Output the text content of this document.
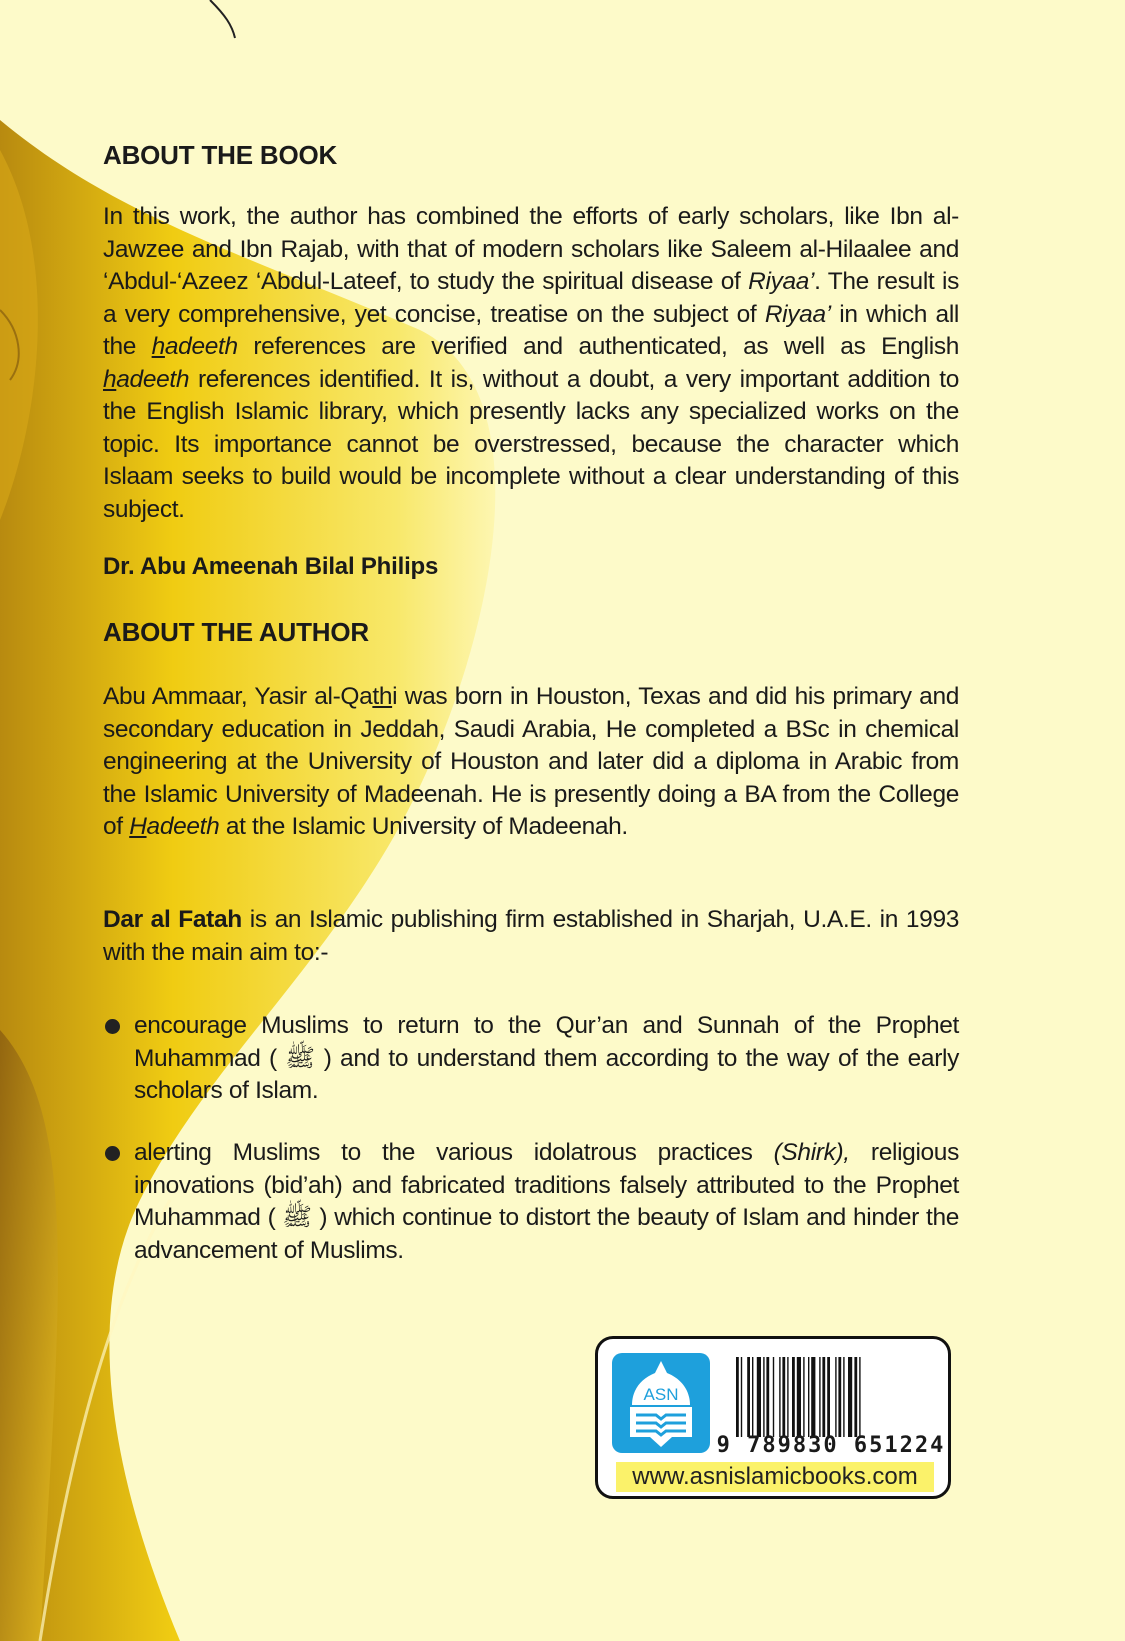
ABOUT THE BOOK

In this work, the author has combined the efforts of early scholars, like Ibn al-Jawzee and Ibn Rajab, with that of modern scholars like Saleem al-Hilaalee and ‘Abdul-‘Azeez ‘Abdul-Lateef, to study the spiritual disease of Riyaa’. The result is a very comprehensive, yet concise, treatise on the subject of Riyaa’ in which all the hadeeth references are verified and authenticated, as well as English hadeeth references identified. It is, without a doubt, a very important addition to the English Islamic library, which presently lacks any specialized works on the topic. Its importance cannot be overstressed, because the character which Islaam seeks to build would be incomplete without a clear understanding of this subject.

Dr. Abu Ameenah Bilal Philips
ABOUT THE AUTHOR

Abu Ammaar, Yasir al-Qathi was born in Houston, Texas and did his primary and secondary education in Jeddah, Saudi Arabia, He completed a BSc in chemical engineering at the University of Houston and later did a diploma in Arabic from the Islamic University of Madeenah. He is presently doing a BA from the College of Hadeeth at the Islamic University of Madeenah.

Dar al Fatah is an Islamic publishing firm established in Sharjah, U.A.E. in 1993 with the main aim to:-

encourage Muslims to return to the Qur’an and Sunnah of the Prophet Muhammad ( ﷺ ) and to understand them according to the way of the early scholars of Islam.

alerting Muslims to the various idolatrous practices (Shirk), religious innovations (bid’ah) and fabricated traditions falsely attributed to the Prophet Muhammad ( ﷺ ) which continue to distort the beauty of Islam and hinder the advancement of Muslims.

ASN
9 789830 651224
www.asnislamicbooks.com
